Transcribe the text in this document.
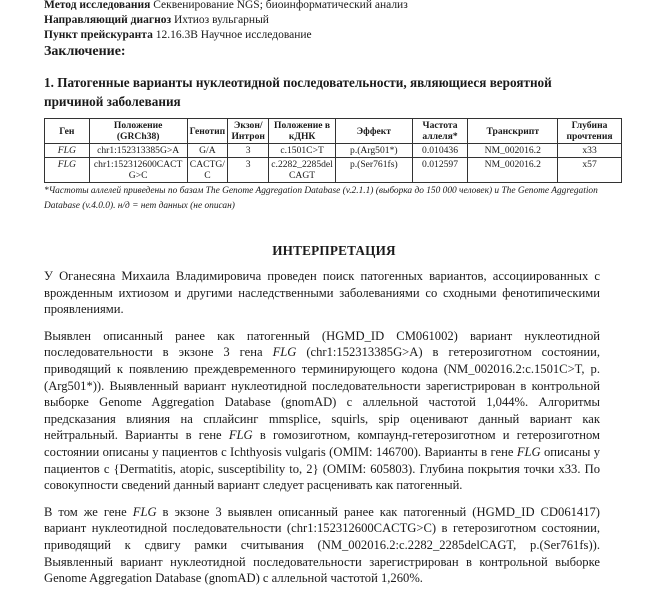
Метод исследования Секвенирование NGS; биоинформатический анализ
Направляющий диагноз Ихтиоз вульгарный
Пункт прейскуранта 12.16.3В Научное исследование
Заключение:
1. Патогенные варианты нуклеотидной последовательности, являющиеся вероятной причиной заболевания
Ген	Положение (GRCh38)	Генотип	Экзон/ Интрон	Положение в кДНК	Эффект	Частота аллеля*	Транскрипт	Глубина прочтения
FLG	chr1:152313385G>A	G/A	3	c.1501C>T	p.(Arg501*)	0.010436	NM_002016.2	x33
FLG	chr1:152312600CACTG>C	CACTG/C	3	c.2282_2285delCAGT	p.(Ser761fs)	0.012597	NM_002016.2	x57
*Частоты аллелей приведены по базам The Genome Aggregation Database (v.2.1.1) (выборка до 150 000 человек) и The Genome Aggregation Database (v.4.0.0). н/д = нет данных (не описан)
ИНТЕРПРЕТАЦИЯ

У Оганесяна Михаила Владимировича проведен поиск патогенных вариантов, ассоциированных с врожденным ихтиозом и другими наследственными заболеваниями со сходными фенотипическими проявлениями.

Выявлен описанный ранее как патогенный (HGMD_ID CM061002) вариант нуклеотидной последовательности в экзоне 3 гена FLG (chr1:152313385G>A) в гетерозиготном состоянии, приводящий к появлению преждевременного терминирующего кодона (NM_002016.2:c.1501C>T, p.(Arg501*)). Выявленный вариант нуклеотидной последовательности зарегистрирован в контрольной выборке Genome Aggregation Database (gnomAD) с аллельной частотой 1,044%. Алгоритмы предсказания влияния на сплайсинг mmsplice, squirls, spip оценивают данный вариант как нейтральный. Варианты в гене FLG в гомозиготном, компаунд-гетерозиготном и гетерозиготном состоянии описаны у пациентов с Ichthyosis vulgaris (OMIM: 146700). Варианты в гене FLG описаны у пациентов с {Dermatitis, atopic, susceptibility to, 2} (OMIM: 605803). Глубина покрытия точки x33. По совокупности сведений данный вариант следует расценивать как патогенный.

В том же гене FLG в экзоне 3 выявлен описанный ранее как патогенный (HGMD_ID CD061417) вариант нуклеотидной последовательности (chr1:152312600CACTG>C) в гетерозиготном состоянии, приводящий к сдвигу рамки считывания (NM_002016.2:c.2282_2285delCAGT, p.(Ser761fs)). Выявленный вариант нуклеотидной последовательности зарегистрирован в контрольной выборке Genome Aggregation Database (gnomAD) с аллельной частотой 1,260%.
